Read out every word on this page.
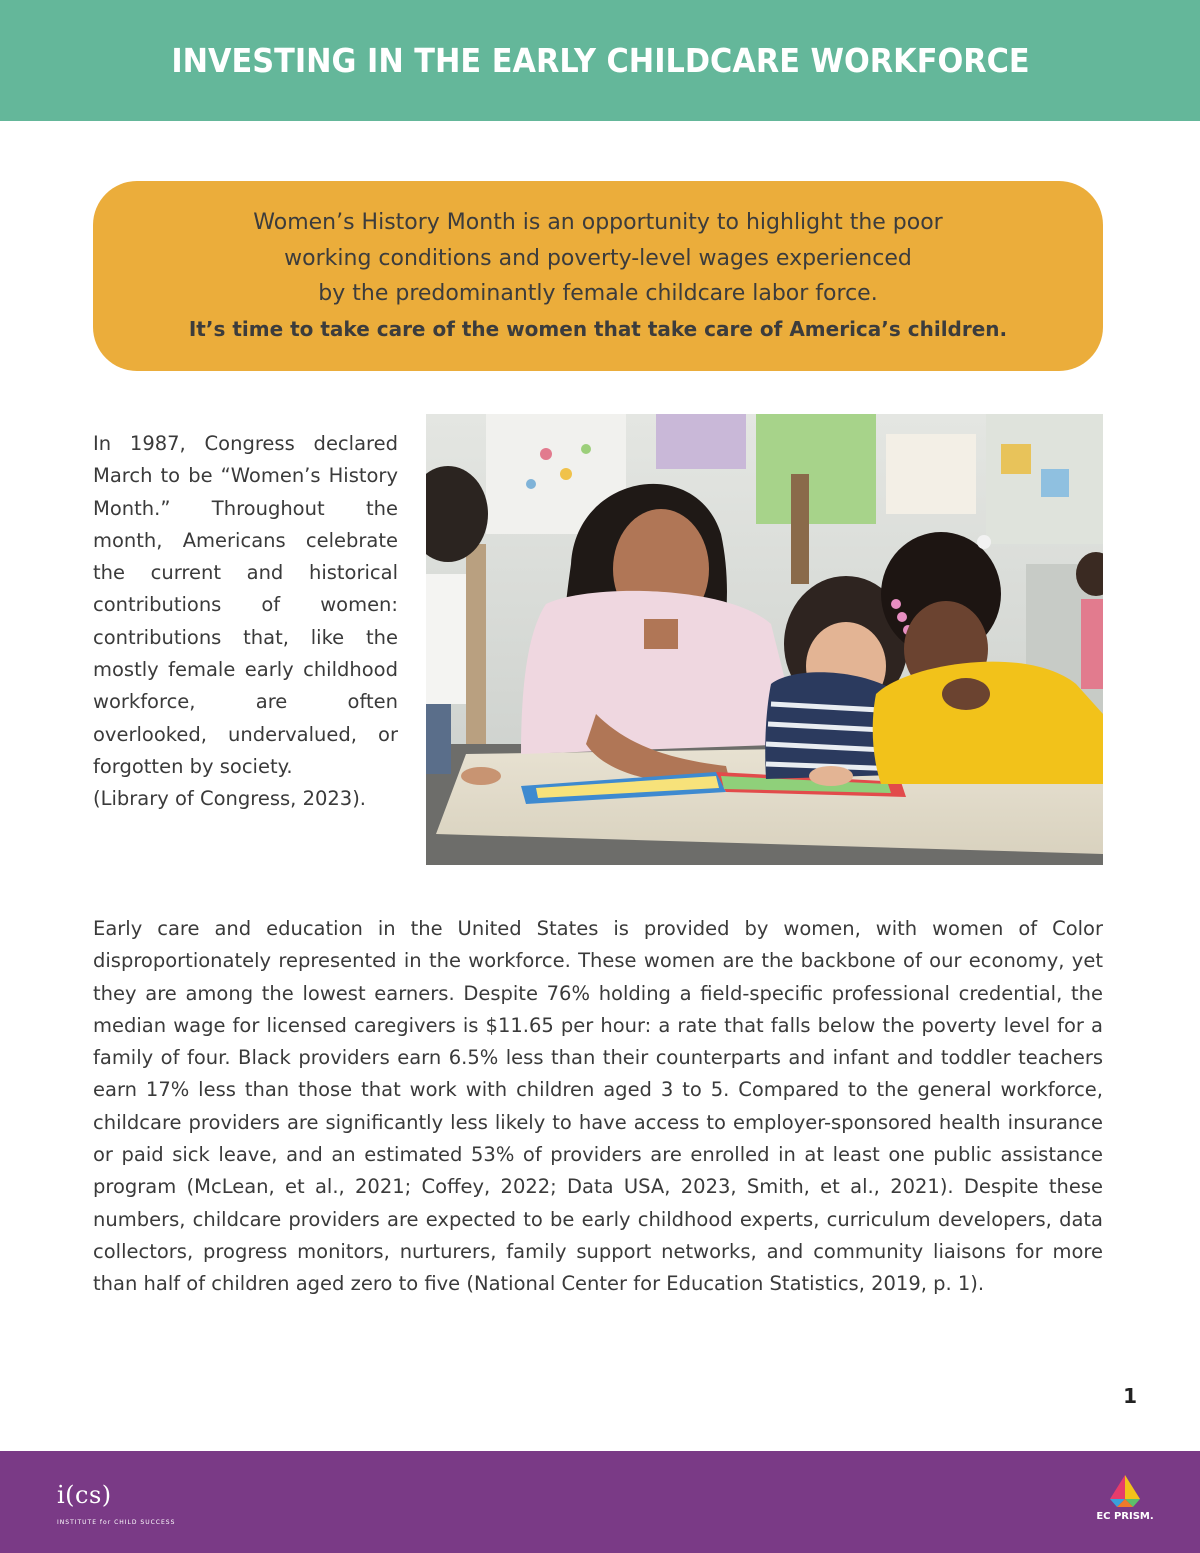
INVESTING IN THE EARLY CHILDCARE WORKFORCE

Women’s History Month is an opportunity to highlight the poor

working conditions and poverty-level wages experienced

by the predominantly female childcare labor force.

It’s time to take care of the women that take care of America’s children.

In 1987, Congress declared March to be “Women’s History Month.” Throughout the month, Americans celebrate the current and historical contributions of women: contributions that, like the mostly female early childhood workforce, are often overlooked, undervalued, or forgotten by society.

(Library of Congress, 2023).

Early care and education in the United States is provided by women, with women of Color disproportionately represented in the workforce. These women are the backbone of our economy, yet they are among the lowest earners. Despite 76% holding a field-specific professional credential, the median wage for licensed caregivers is $11.65 per hour: a rate that falls below the poverty level for a family of four. Black providers earn 6.5% less than their counterparts and infant and toddler teachers earn 17% less than those that work with children aged 3 to 5. Compared to the general workforce, childcare providers are significantly less likely to have access to employer-sponsored health insurance or paid sick leave, and an estimated 53% of providers are enrolled in at least one public assistance program (McLean, et al., 2021; Coffey, 2022; Data USA, 2023, Smith, et al., 2021). Despite these numbers, childcare providers are expected to be early childhood experts, curriculum developers, data collectors, progress monitors, nurturers, family support networks, and community liaisons for more than half of children aged zero to five (National Center for Education Statistics, 2019, p. 1).

1
i(cs)
INSTITUTE for CHILD SUCCESS
EC PRISM.
